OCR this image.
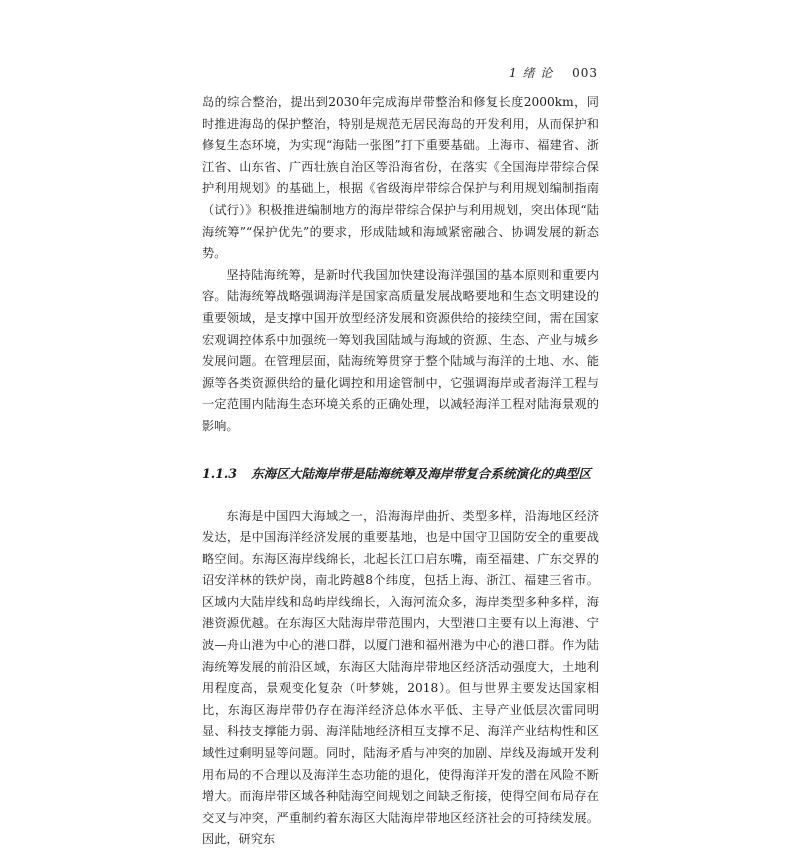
1 绪 论 003

岛的综合整治，提出到2030年完成海岸带整治和修复长度2000km，同时推进海岛的保护整治，特别是规范无居民海岛的开发利用，从而保护和修复生态环境，为实现“海陆一张图”打下重要基础。上海市、福建省、浙江省、山东省、广西壮族自治区等沿海省份，在落实《全国海岸带综合保护利用规划》的基础上，根据《省级海岸带综合保护与利用规划编制指南（试行）》积极推进编制地方的海岸带综合保护与利用规划，突出体现“陆海统筹”“保护优先”的要求，形成陆域和海域紧密融合、协调发展的新态势。

坚持陆海统筹，是新时代我国加快建设海洋强国的基本原则和重要内容。陆海统筹战略强调海洋是国家高质量发展战略要地和生态文明建设的重要领域，是支撑中国开放型经济发展和资源供给的接续空间，需在国家宏观调控体系中加强统一筹划我国陆域与海域的资源、生态、产业与城乡发展问题。在管理层面，陆海统筹贯穿于整个陆域与海洋的土地、水、能源等各类资源供给的量化调控和用途管制中，它强调海岸或者海洋工程与一定范围内陆海生态环境关系的正确处理，以减轻海洋工程对陆海景观的影响。

1.1.3 东海区大陆海岸带是陆海统筹及海岸带复合系统演化的典型区

东海是中国四大海域之一，沿海海岸曲折、类型多样，沿海地区经济发达，是中国海洋经济发展的重要基地，也是中国守卫国防安全的重要战略空间。东海区海岸线绵长，北起长江口启东嘴，南至福建、广东交界的诏安洋林的铁炉岗，南北跨越8个纬度，包括上海、浙江、福建三省市。区域内大陆岸线和岛屿岸线绵长，入海河流众多，海岸类型多种多样，海港资源优越。在东海区大陆海岸带范围内，大型港口主要有以上海港、宁波—舟山港为中心的港口群，以厦门港和福州港为中心的港口群。作为陆海统筹发展的前沿区域，东海区大陆海岸带地区经济活动强度大，土地利用程度高，景观变化复杂（叶梦姚，2018）。但与世界主要发达国家相比，东海区海岸带仍存在海洋经济总体水平低、主导产业低层次雷同明显、科技支撑能力弱、海洋陆地经济相互支撑不足、海洋产业结构性和区域性过剩明显等问题。同时，陆海矛盾与冲突的加剧、岸线及海域开发利用布局的不合理以及海洋生态功能的退化，使得海洋开发的潜在风险不断增大。而海岸带区域各种陆海空间规划之间缺乏衔接，使得空间布局存在交叉与冲突，严重制约着东海区大陆海岸带地区经济社会的可持续发展。因此，研究东
